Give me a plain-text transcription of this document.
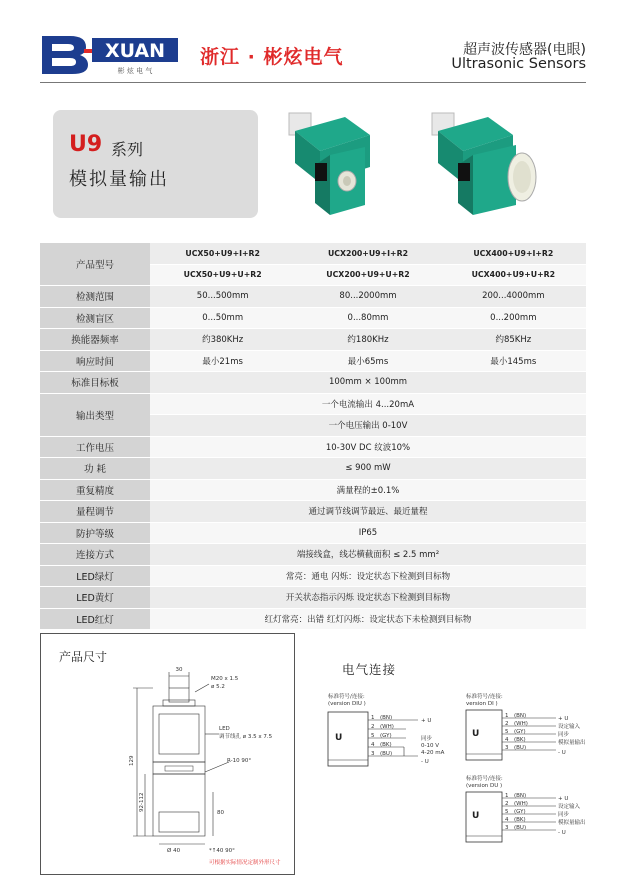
XUAN
彬 炫 电 气
浙江 · 彬炫电气	超声波传感器(电眼)
Ultrasonic Sensors
U9 系列
模拟量输出
产品型号	UCX50+U9+I+R2	UCX200+U9+I+R2	UCX400+U9+I+R2
	UCX50+U9+U+R2	UCX200+U9+U+R2	UCX400+U9+U+R2
检测范围	50...500mm	80...2000mm	200...4000mm
检测盲区	0...50mm	0...80mm	0...200mm
换能器频率	约380KHz	约180KHz	约85KHz
响应时间	最小21ms	最小65ms	最小145ms
标准目标板	100mm × 100mm		
输出类型	一个电流输出 4...20mA		
	一个电压输出 0-10V		
工作电压	10-30V DC 纹波10%		
功 耗	≤ 900 mW		
重复精度	满量程的±0.1%		
量程调节	通过调节线调节最远、最近量程		
防护等级	IP65		
连接方式	端接线盒，线芯横截面积 ≤ 2.5 mm²		
LED绿灯	常亮：通电 闪烁：设定状态下检测到目标物		
LED黄灯	开关状态指示闪烁 设定状态下检测到目标物		
LED红灯	红灯常亮：出错 红灯闪烁：设定状态下未检测到目标物		
产品尺寸
30
M20 x 1.5
ø 5.2
LED
调节线孔 ø 3.5 x 7.5
R-10 90°
129
80
92-112
Ø 40	*↑40 90°
可根据实际情况定制外形尺寸
电气连接
标准符号/连接:
(version DIU )
U
1
2
5
4
3
(BN)
(WH)
(GY)
(BK)
(BU)
+ U
同步
0-10 V
4-20 mA
- U
标准符号/连接:
version DI )
U
1
2
5
4
3
(BN)
(WH)
(GY)
(BK)
(BU)
+ U
设定输入
同步
模拟量输出
- U
标准符号/连接:
(version DU )
U
1
2
5
4
3
(BN)
(WH)
(GY)
(BK)
(BU)
+ U
设定输入
同步
模拟量输出
- U
